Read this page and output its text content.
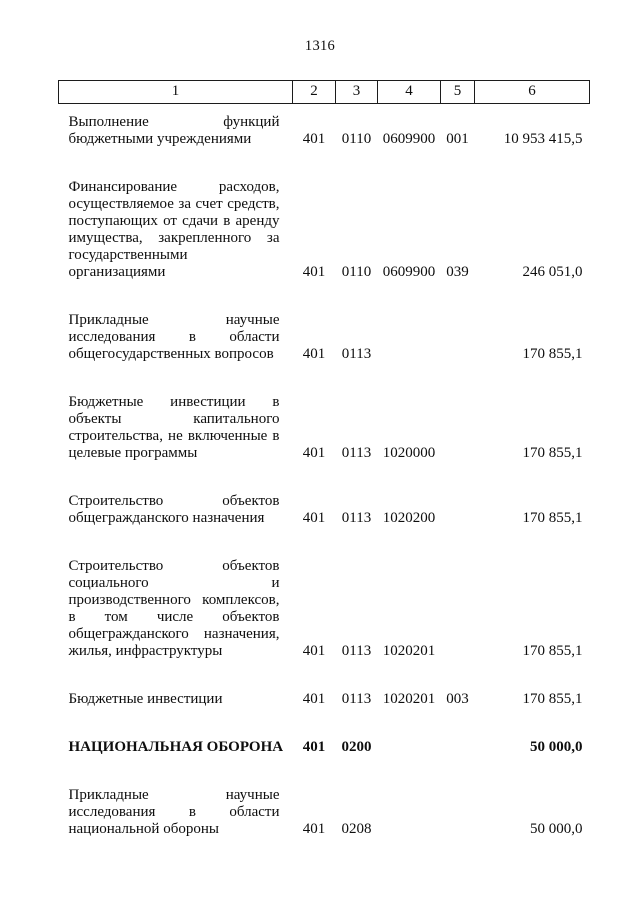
1316
1	2	3	4	5	6
Выполнение функций бюджетными учреждениями	401	0110	0609900	001	10 953 415,5
Финансирование расходов, осуществляемое за счет средств, поступающих от сдачи в аренду имущества, закрепленного за государственными организациями	401	0110	0609900	039	246 051,0
Прикладные научные исследования в области общегосударственных вопросов	401	0113			170 855,1
Бюджетные инвестиции в объекты капитального строительства, не включенные в целевые программы	401	0113	1020000		170 855,1
Строительство объектов общегражданского назначения	401	0113	1020200		170 855,1
Строительство объектов социального и производственного комплексов, в том числе объектов общегражданского назначения, жилья, инфраструктуры	401	0113	1020201		170 855,1
Бюджетные инвестиции	401	0113	1020201	003	170 855,1
НАЦИОНАЛЬНАЯ ОБОРОНА	401	0200			50 000,0
Прикладные научные исследования в области национальной обороны	401	0208			50 000,0
